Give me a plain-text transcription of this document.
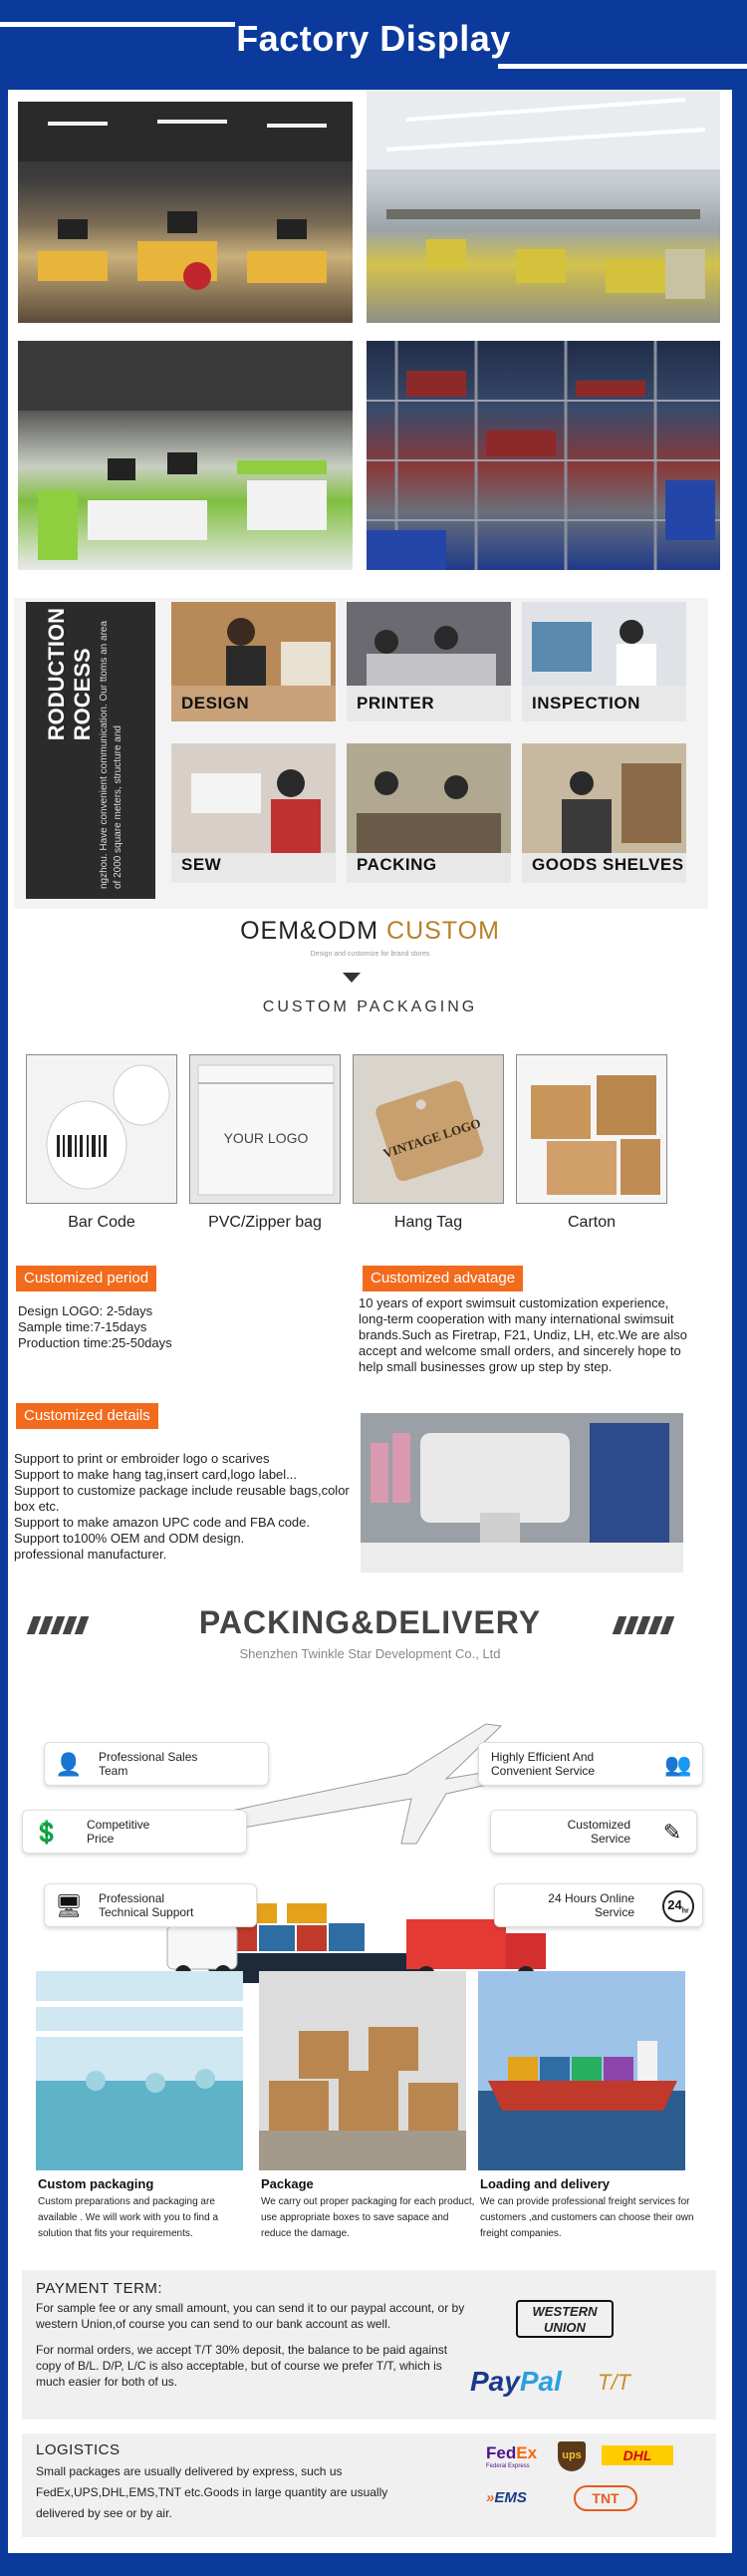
Factory Display
RODUCTION
ROCESS ngzhou. Have convenient communication. Our ttoms an area of 2000 square meters, structure and
DESIGN	PRINTER	INSPECTION
SEW	PACKING	GOODS SHELVES
OEM&ODM CUSTOM
Design and customize for brand stores
CUSTOM PACKAGING
Bar Code
YOUR LOGO
PVC/Zipper bag
VINTAGE LOGO
Hang Tag	Carton
Customized period
Design LOGO: 2-5days
Sample time:7-15days
Production time:25-50days
Customized advatage
10 years of export swimsuit customization experience, long-term cooperation with many international swimsuit brands.Such as Firetrap, F21, Undiz, LH, etc.We are also accept and welcome small orders, and sincerely hope to help small businesses grow up step by step.
Customized details
Support to print or embroider logo o scarives
Support to make hang tag,insert card,logo label...
Support to customize package include reusable bags,color box etc.
Support to make amazon UPC code and FBA code.
Support to100% OEM and ODM design.
professional manufacturer.
PACKING&DELIVERY
Shenzhen Twinkle Star Development Co., Ltd
👤 Professional Sales Team
Highly Efficient And Convenient Service	👥
💲 Competitive Price
Customized Service ✎
🖥 Professional Technical Support
24 Hours Online Service	$24_{hr}$
Custom packaging
Custom preparations and packaging are available . We will work with you to find a solution that fits your requirements.
Package
We carry out proper packaging for each product, use appropriate boxes to save sapace and reduce the damage.
Loading and delivery
We can provide professional freight services for customers ,and customers can choose their own freight companies.
PAYMENT TERM:
For sample fee or any small amount, you can send it to our paypal account, or by western Union,of course you can send to our bank account as well.
For normal orders, we accept T/T 30% deposit, the balance to be paid against copy of B/L. D/P, L/C is also acceptable, but of course we prefer T/T, which is much easier for both of us.
WESTERN UNION
PayPal T/T
LOGISTICS
Small packages are usually delivered by express, such us FedEx,UPS,DHL,EMS,TNT etc.Goods in large quantity are usually delivered by see or by air.
FedEx
Federal Express
ups	DHL
»EMS	TNT
